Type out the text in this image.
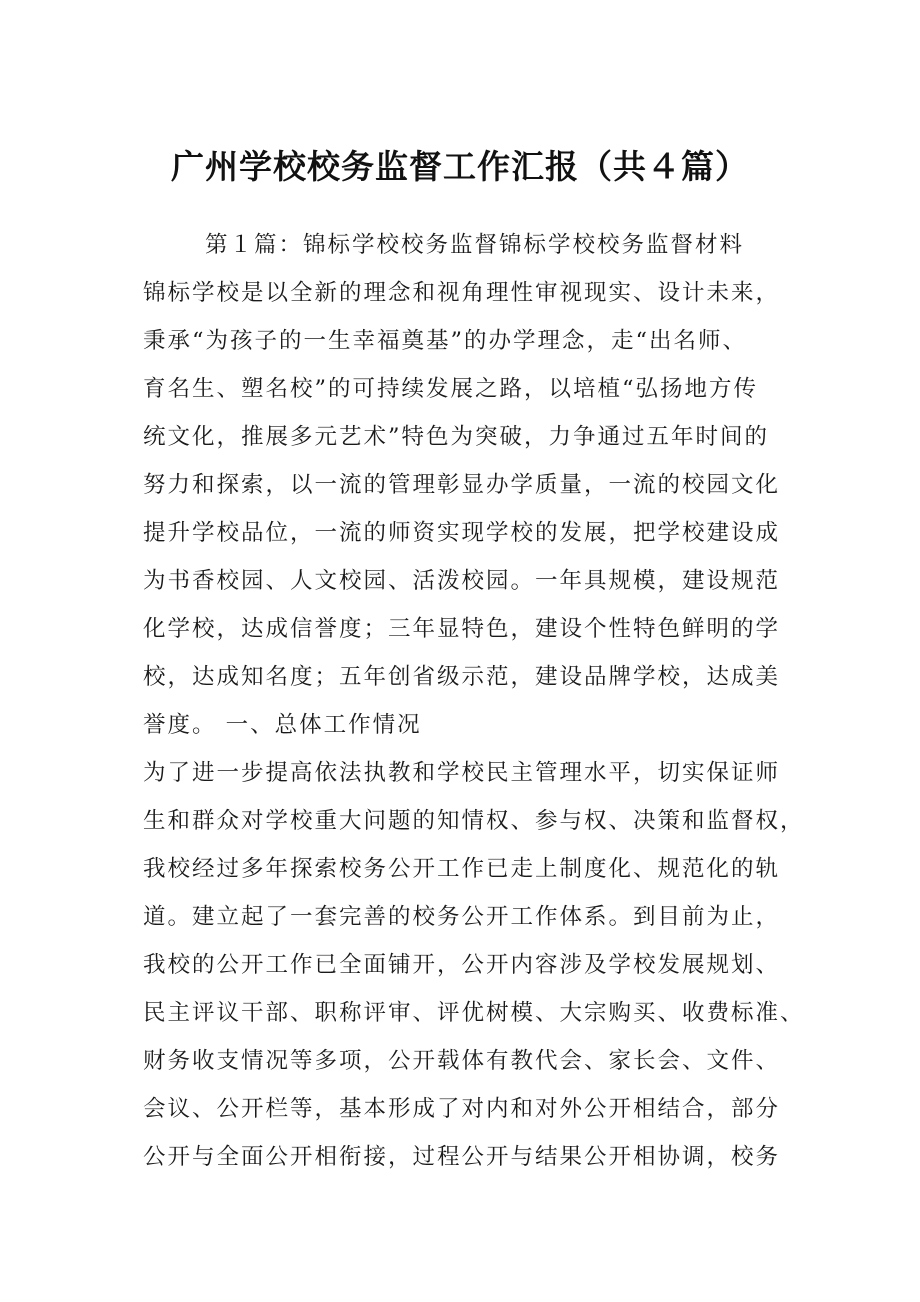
广州学校校务监督工作汇报（共４篇）
第１篇：锦标学校校务监督锦标学校校务监督材料
锦标学校是以全新的理念和视角理性审视现实、设计未来，
秉承“为孩子的一生幸福奠基”的办学理念，走“出名师、
育名生、塑名校”的可持续发展之路，以培植“弘扬地方传
统文化，推展多元艺术”特色为突破，力争通过五年时间的
努力和探索，以一流的管理彰显办学质量，一流的校园文化
提升学校品位，一流的师资实现学校的发展，把学校建设成
为书香校园、人文校园、活泼校园。一年具规模，建设规范
化学校，达成信誉度；三年显特色，建设个性特色鲜明的学
校，达成知名度；五年创省级示范，建设品牌学校，达成美
誉度。 一、总体工作情况
为了进一步提高依法执教和学校民主管理水平，切实保证师
生和群众对学校重大问题的知情权、参与权、决策和监督权，
我校经过多年探索校务公开工作已走上制度化、规范化的轨
道。建立起了一套完善的校务公开工作体系。到目前为止，
我校的公开工作已全面铺开，公开内容涉及学校发展规划、
民主评议干部、职称评审、评优树模、大宗购买、收费标准、
财务收支情况等多项，公开载体有教代会、家长会、文件、
会议、公开栏等，基本形成了对内和对外公开相结合，部分
公开与全面公开相衔接，过程公开与结果公开相协调，校务
